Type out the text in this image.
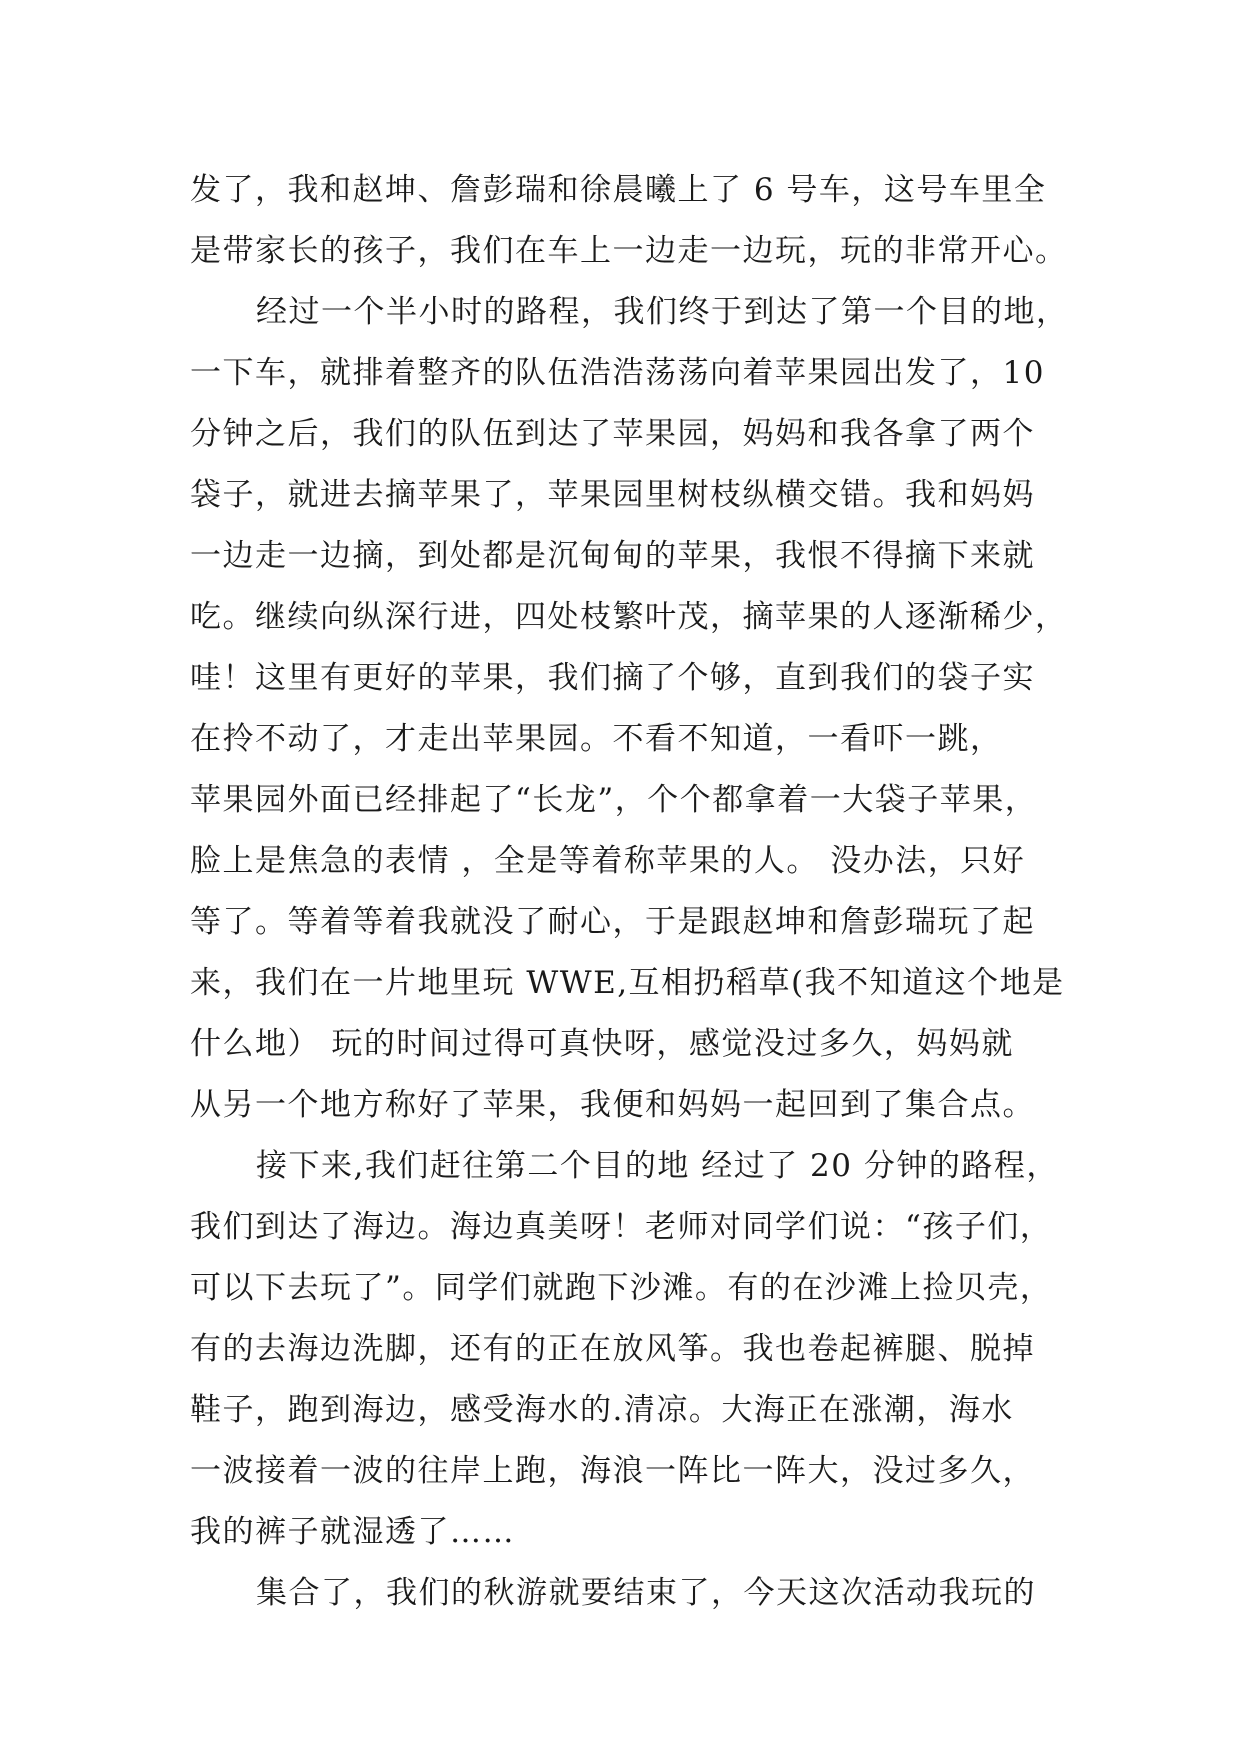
发了，我和赵坤、詹彭瑞和徐晨曦上了 6 号车，这号车里全
是带家长的孩子，我们在车上一边走一边玩，玩的非常开心。
经过一个半小时的路程，我们终于到达了第一个目的地，
一下车，就排着整齐的队伍浩浩荡荡向着苹果园出发了，10
分钟之后，我们的队伍到达了苹果园，妈妈和我各拿了两个
袋子，就进去摘苹果了，苹果园里树枝纵横交错。我和妈妈
一边走一边摘，到处都是沉甸甸的苹果，我恨不得摘下来就
吃。继续向纵深行进，四处枝繁叶茂，摘苹果的人逐渐稀少，
哇！这里有更好的苹果，我们摘了个够，直到我们的袋子实
在拎不动了，才走出苹果园。不看不知道，一看吓一跳，
苹果园外面已经排起了“长龙”，个个都拿着一大袋子苹果，
脸上是焦急的表情 ，全是等着称苹果的人。 没办法，只好
等了。等着等着我就没了耐心，于是跟赵坤和詹彭瑞玩了起
来，我们在一片地里玩 WWE,互相扔稻草(我不知道这个地是
什么地） 玩的时间过得可真快呀，感觉没过多久，妈妈就
从另一个地方称好了苹果，我便和妈妈一起回到了集合点。
接下来,我们赶往第二个目的地 经过了 20 分钟的路程，
我们到达了海边。海边真美呀！老师对同学们说：“孩子们，
可以下去玩了”。同学们就跑下沙滩。有的在沙滩上捡贝壳，
有的去海边洗脚，还有的正在放风筝。我也卷起裤腿、脱掉
鞋子，跑到海边，感受海水的.清凉。大海正在涨潮，海水
一波接着一波的往岸上跑，海浪一阵比一阵大，没过多久，
我的裤子就湿透了……
集合了，我们的秋游就要结束了，今天这次活动我玩的
